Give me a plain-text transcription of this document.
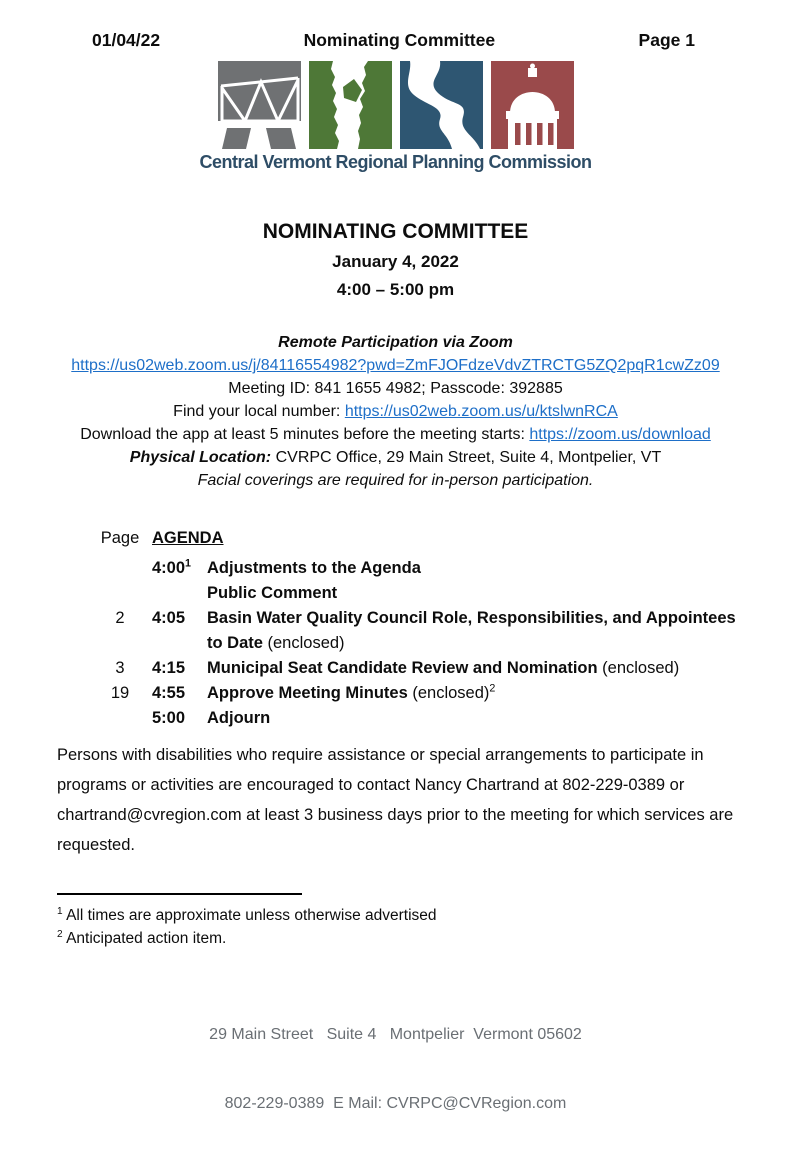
01/04/22	Nominating Committee	Page 1
Central Vermont Regional Planning Commission
NOMINATING COMMITTEE
January 4, 2022
4:00 – 5:00 pm
Remote Participation via Zoom
https://us02web.zoom.us/j/84116554982?pwd=ZmFJOFdzeVdvZTRCTG5ZQ2pqR1cwZz09
Meeting ID: 841 1655 4982; Passcode: 392885
Find your local number: https://us02web.zoom.us/u/ktslwnRCA
Download the app at least 5 minutes before the meeting starts: https://zoom.us/download
Physical Location: CVRPC Office, 29 Main Street, Suite 4, Montpelier, VT
Facial coverings are required for in-person participation.
Page AGENDA
$4:00^1$ Adjustments to the Agenda
Public Comment
2	4:05	Basin Water Quality Council Role, Responsibilities, and Appointees to Date (enclosed)
3	4:15	Municipal Seat Candidate Review and Nomination (enclosed)
19	4:55	Approve Meeting Minutes (enclosed)$^2$
5:00	Adjourn

Persons with disabilities who require assistance or special arrangements to participate in programs or activities are encouraged to contact Nancy Chartrand at 802-229-0389 or chartrand@cvregion.com at least 3 business days prior to the meeting for which services are requested.

$^1$ All times are approximate unless otherwise advertised
$^2$ Anticipated action item.

29 Main Street   Suite 4   Montpelier  Vermont 05602

802-229-0389  E Mail: CVRPC@CVRegion.com
